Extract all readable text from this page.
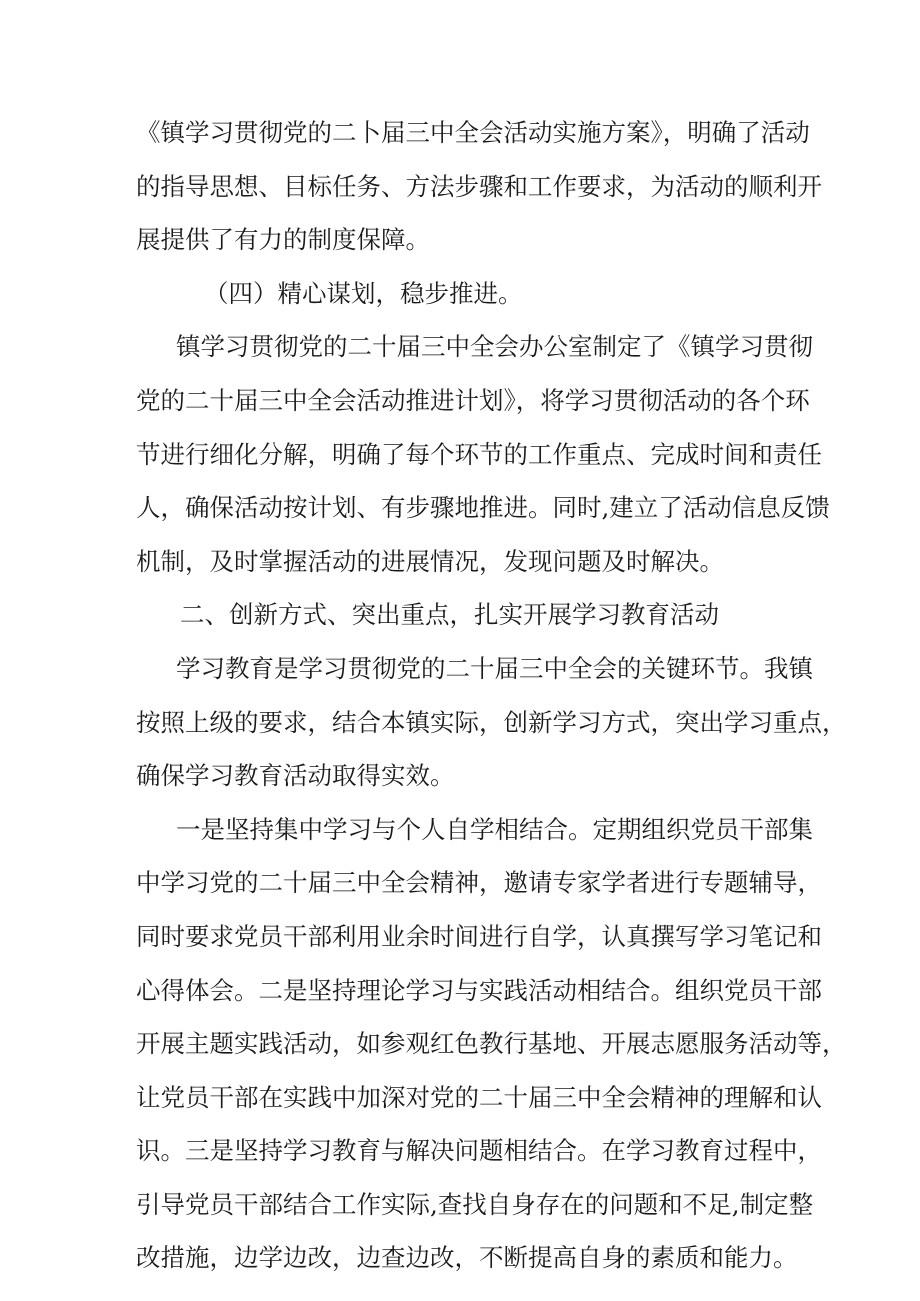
《镇学习贯彻党的二卜届三中全会活动实施方案》，明确了活动
的指导思想、目标任务、方法步骤和工作要求，为活动的顺利开
展提供了有力的制度保障。
（四）精心谋划，稳步推进。
镇学习贯彻党的二十届三中全会办公室制定了《镇学习贯彻
党的二十届三中全会活动推进计划》，将学习贯彻活动的各个环
节进行细化分解，明确了每个环节的工作重点、完成时间和责任
人，确保活动按计划、有步骤地推进。同时,建立了活动信息反馈
机制，及时掌握活动的进展情况，发现问题及时解决。
二、创新方式、突出重点，扎实开展学习教育活动
学习教育是学习贯彻党的二十届三中全会的关键环节。我镇
按照上级的要求，结合本镇实际，创新学习方式，突出学习重点，
确保学习教育活动取得实效。
一是坚持集中学习与个人自学相结合。定期组织党员干部集
中学习党的二十届三中全会精神，邀请专家学者进行专题辅导，
同时要求党员干部利用业余时间进行自学，认真撰写学习笔记和
心得体会。二是坚持理论学习与实践活动相结合。组织党员干部
开展主题实践活动，如参观红色教行基地、开展志愿服务活动等，
让党员干部在实践中加深对党的二十届三中全会精神的理解和认
识。三是坚持学习教育与解决问题相结合。在学习教育过程中，
引导党员干部结合工作实际,查找自身存在的问题和不足,制定整
改措施，边学边改，边查边改，不断提高自身的素质和能力。
